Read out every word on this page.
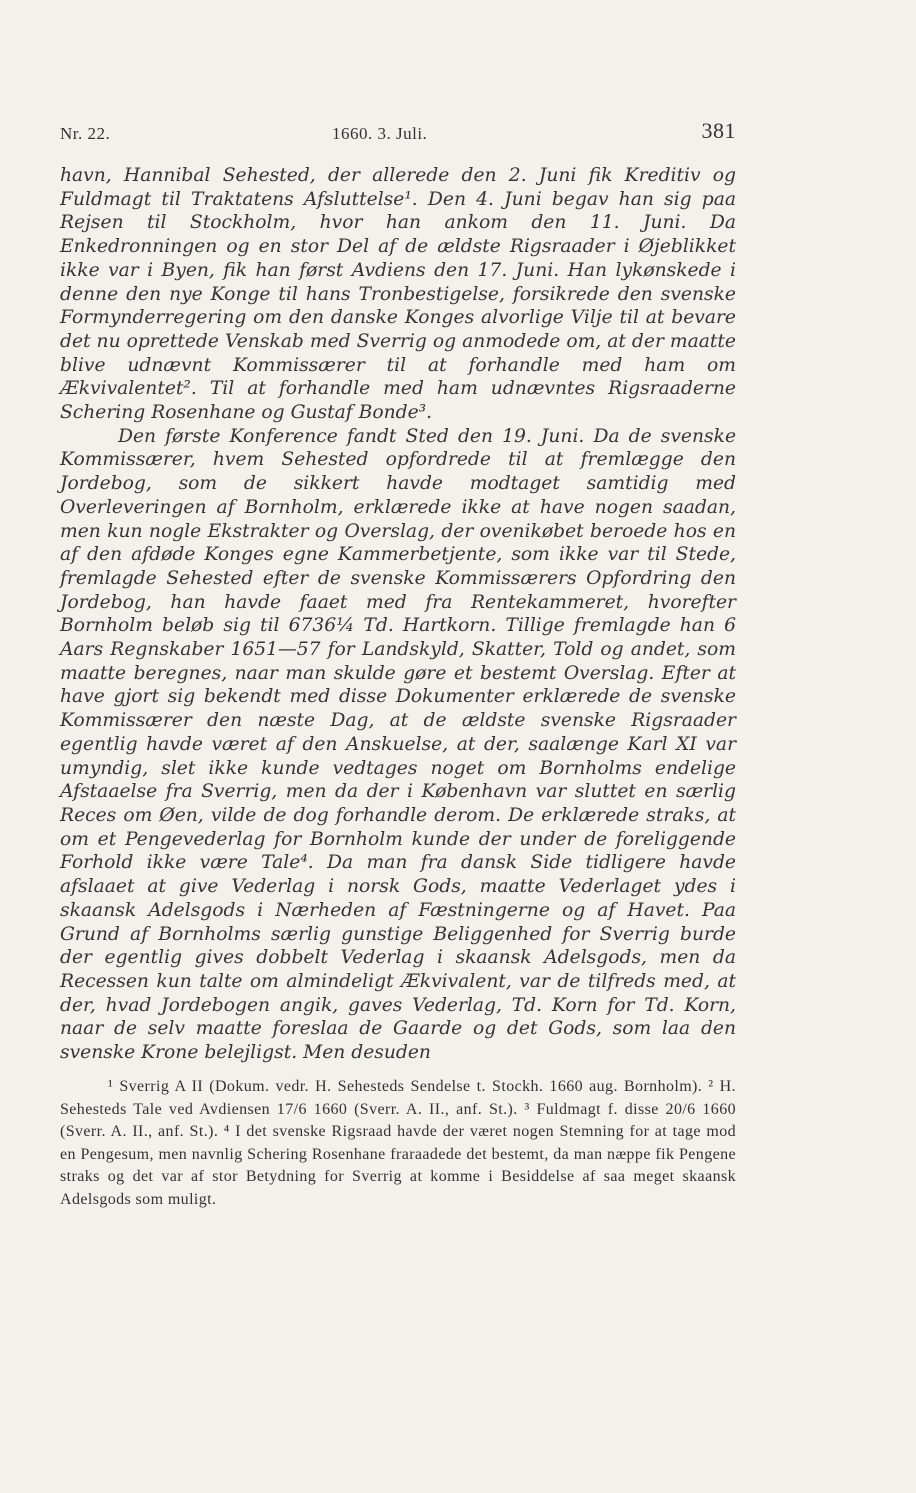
Nr. 22.	1660. 3. Juli.	381

havn, Hannibal Sehested, der allerede den 2. Juni fik Kreditiv og Fuldmagt til Traktatens Afsluttelse¹. Den 4. Juni begav han sig paa Rejsen til Stockholm, hvor han ankom den 11. Juni. Da Enkedronningen og en stor Del af de ældste Rigsraader i Øjeblikket ikke var i Byen, fik han først Avdiens den 17. Juni. Han lykønskede i denne den nye Konge til hans Tronbestigelse, forsikrede den svenske Formynderregering om den danske Konges alvorlige Vilje til at bevare det nu oprettede Venskab med Sverrig og anmodede om, at der maatte blive udnævnt Kommissærer til at forhandle med ham om Ækvivalentet². Til at forhandle med ham udnævntes Rigsraaderne Schering Rosenhane og Gustaf Bonde³.

Den første Konference fandt Sted den 19. Juni. Da de svenske Kommissærer, hvem Sehested opfordrede til at fremlægge den Jordebog, som de sikkert havde modtaget samtidig med Overleveringen af Bornholm, erklærede ikke at have nogen saadan, men kun nogle Ekstrakter og Overslag, der ovenikøbet beroede hos en af den afdøde Konges egne Kammerbetjente, som ikke var til Stede, fremlagde Sehested efter de svenske Kommissærers Opfordring den Jordebog, han havde faaet med fra Rentekammeret, hvorefter Bornholm beløb sig til 6736¼ Td. Hartkorn. Tillige fremlagde han 6 Aars Regnskaber 1651—57 for Landskyld, Skatter, Told og andet, som maatte beregnes, naar man skulde gøre et bestemt Overslag. Efter at have gjort sig bekendt med disse Dokumenter erklærede de svenske Kommissærer den næste Dag, at de ældste svenske Rigsraader egentlig havde været af den Anskuelse, at der, saalænge Karl XI var umyndig, slet ikke kunde vedtages noget om Bornholms endelige Afstaaelse fra Sverrig, men da der i København var sluttet en særlig Reces om Øen, vilde de dog forhandle derom. De erklærede straks, at om et Pengevederlag for Bornholm kunde der under de foreliggende Forhold ikke være Tale⁴. Da man fra dansk Side tidligere havde afslaaet at give Vederlag i norsk Gods, maatte Vederlaget ydes i skaansk Adelsgods i Nærheden af Fæstningerne og af Havet. Paa Grund af Bornholms særlig gunstige Beliggenhed for Sverrig burde der egentlig gives dobbelt Vederlag i skaansk Adelsgods, men da Recessen kun talte om almindeligt Ækvivalent, var de tilfreds med, at der, hvad Jordebogen angik, gaves Vederlag, Td. Korn for Td. Korn, naar de selv maatte foreslaa de Gaarde og det Gods, som laa den svenske Krone belejligst. Men desuden

¹ Sverrig A II (Dokum. vedr. H. Sehesteds Sendelse t. Stockh. 1660 aug. Bornholm). ² H. Sehesteds Tale ved Avdiensen 17/6 1660 (Sverr. A. II., anf. St.). ³ Fuldmagt f. disse 20/6 1660 (Sverr. A. II., anf. St.). ⁴ I det svenske Rigsraad havde der været nogen Stemning for at tage mod en Pengesum, men navnlig Schering Rosenhane fraraadede det bestemt, da man næppe fik Pengene straks og det var af stor Betydning for Sverrig at komme i Besiddelse af saa meget skaansk Adelsgods som muligt.
